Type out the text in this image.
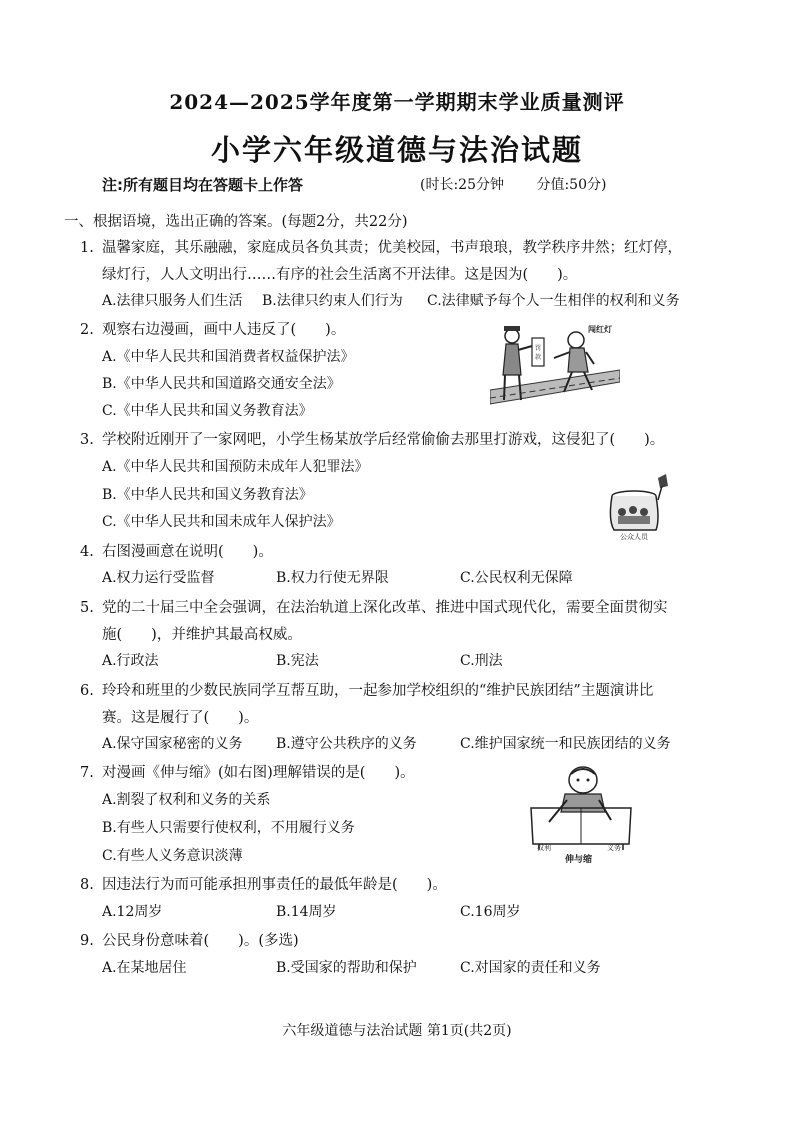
2024—2025学年度第一学期期末学业质量测评
小学六年级道德与法治试题
注:所有题目均在答题卡上作答	(时长:25分钟 分值:50分)
一、根据语境，选出正确的答案。(每题2分，共22分)
1. 温馨家庭，其乐融融，家庭成员各负其责；优美校园，书声琅琅，教学秩序井然；红灯停，
绿灯行，人人文明出行……有序的社会生活离不开法律。这是因为(　　)。
A.法律只服务人们生活 B.法律只约束人们行为 C.法律赋予每个人一生相伴的权利和义务
2. 观察右边漫画，画中人违反了(　　)。
A.《中华人民共和国消费者权益保护法》
B.《中华人民共和国道路交通安全法》
C.《中华人民共和国义务教育法》
罚
款
闯红灯
3. 学校附近刚开了一家网吧，小学生杨某放学后经常偷偷去那里打游戏，这侵犯了(　　)。
A.《中华人民共和国预防未成年人犯罪法》
B.《中华人民共和国义务教育法》
C.《中华人民共和国未成年人保护法》
公众人员
4. 右图漫画意在说明(　　)。
A.权力运行受监督	B.权力行使无界限	C.公民权利无保障
5. 党的二十届三中全会强调，在法治轨道上深化改革、推进中国式现代化，需要全面贯彻实
施(　　)，并维护其最高权威。
A.行政法	B.宪法	C.刑法
6. 玲玲和班里的少数民族同学互帮互助，一起参加学校组织的“维护民族团结”主题演讲比
赛。这是履行了(　　)。
A.保守国家秘密的义务 B.遵守公共秩序的义务	C.维护国家统一和民族团结的义务
7. 对漫画《伸与缩》(如右图)理解错误的是(　　)。
A.割裂了权利和义务的关系
B.有些人只需要行使权利，不用履行义务
C.有些人义务意识淡薄	权利	义务
伸与缩
8. 因违法行为而可能承担刑事责任的最低年龄是(　　)。
A.12周岁	B.14周岁	C.16周岁
9. 公民身份意味着(　　)。(多选)
A.在某地居住	B.受国家的帮助和保护	C.对国家的责任和义务
六年级道德与法治试题 第1页(共2页)
